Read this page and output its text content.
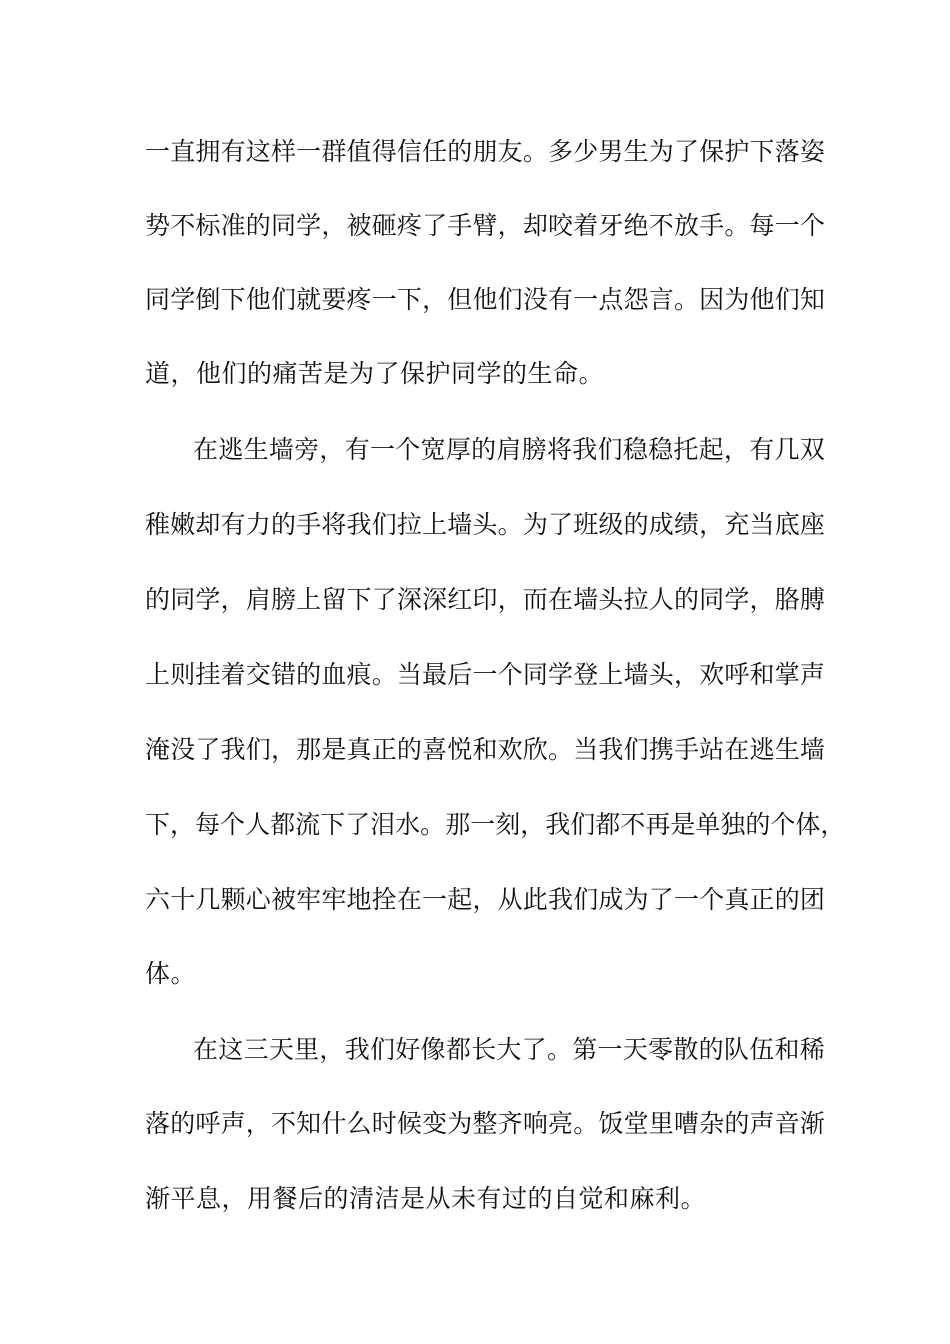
一 直 拥 有 这 样 一 群 值 得 信 任 的 朋 友 。 多 少 男 生 为 了 保 护 下 落 姿
势 不 标 准 的 同 学 ， 被 砸 疼 了 手 臂 ， 却 咬 着 牙 绝 不 放 手 。 每 一 个
同 学 倒 下 他 们 就 要 疼 一 下 ， 但 他 们 没 有 一 点 怨 言 。 因 为 他 们 知
道，他们的痛苦是为了保护同学的生命。
在 逃 生 墙 旁 ， 有 一 个 宽 厚 的 肩 膀 将 我 们 稳 稳 托 起 ， 有 几 双
稚 嫩 却 有 力 的 手 将 我 们 拉 上 墙 头 。 为 了 班 级 的 成 绩 ， 充 当 底 座
的 同 学 ， 肩 膀 上 留 下 了 深 深 红 印 ， 而 在 墙 头 拉 人 的 同 学 ， 胳 膊
上 则 挂 着 交 错 的 血 痕 。 当 最 后 一 个 同 学 登 上 墙 头 ， 欢 呼 和 掌 声
淹 没 了 我 们 ， 那 是 真 正 的 喜 悦 和 欢 欣 。 当 我 们 携 手 站 在 逃 生 墙
下 ， 每 个 人 都 流 下 了 泪 水 。 那 一 刻 ， 我 们 都 不 再 是 单 独 的 个 体 ，
六 十 几 颗 心 被 牢 牢 地 拴 在 一 起 ， 从 此 我 们 成 为 了 一 个 真 正 的 团
体。
在 这 三 天 里 ， 我 们 好 像 都 长 大 了 。 第 一 天 零 散 的 队 伍 和 稀
落 的 呼 声 ， 不 知 什 么 时 候 变 为 整 齐 响 亮 。 饭 堂 里 嘈 杂 的 声 音 渐
渐平息，用餐后的清洁是从未有过的自觉和麻利。
